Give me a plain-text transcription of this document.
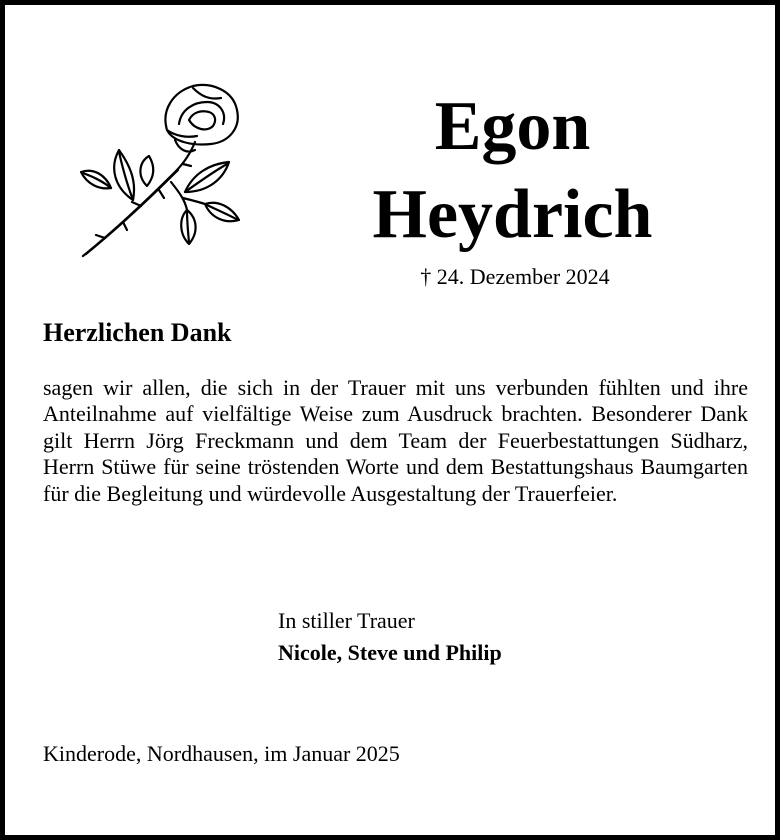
Egon
Heydrich
† 24. Dezember 2024
Herzlichen Dank

sagen wir allen, die sich in der Trauer mit uns verbunden fühlten und ihre Anteilnahme auf vielfältige Weise zum Ausdruck brachten. Besonderer Dank gilt Herrn Jörg Freckmann und dem Team der Feuerbestattungen Südharz, Herrn Stüwe für seine tröstenden Worte und dem Bestattungshaus Baumgarten für die Begleitung und würdevolle Ausgestaltung der Trauerfeier.

In stiller Trauer
Nicole, Steve und Philip
Kinderode, Nordhausen, im Januar 2025
